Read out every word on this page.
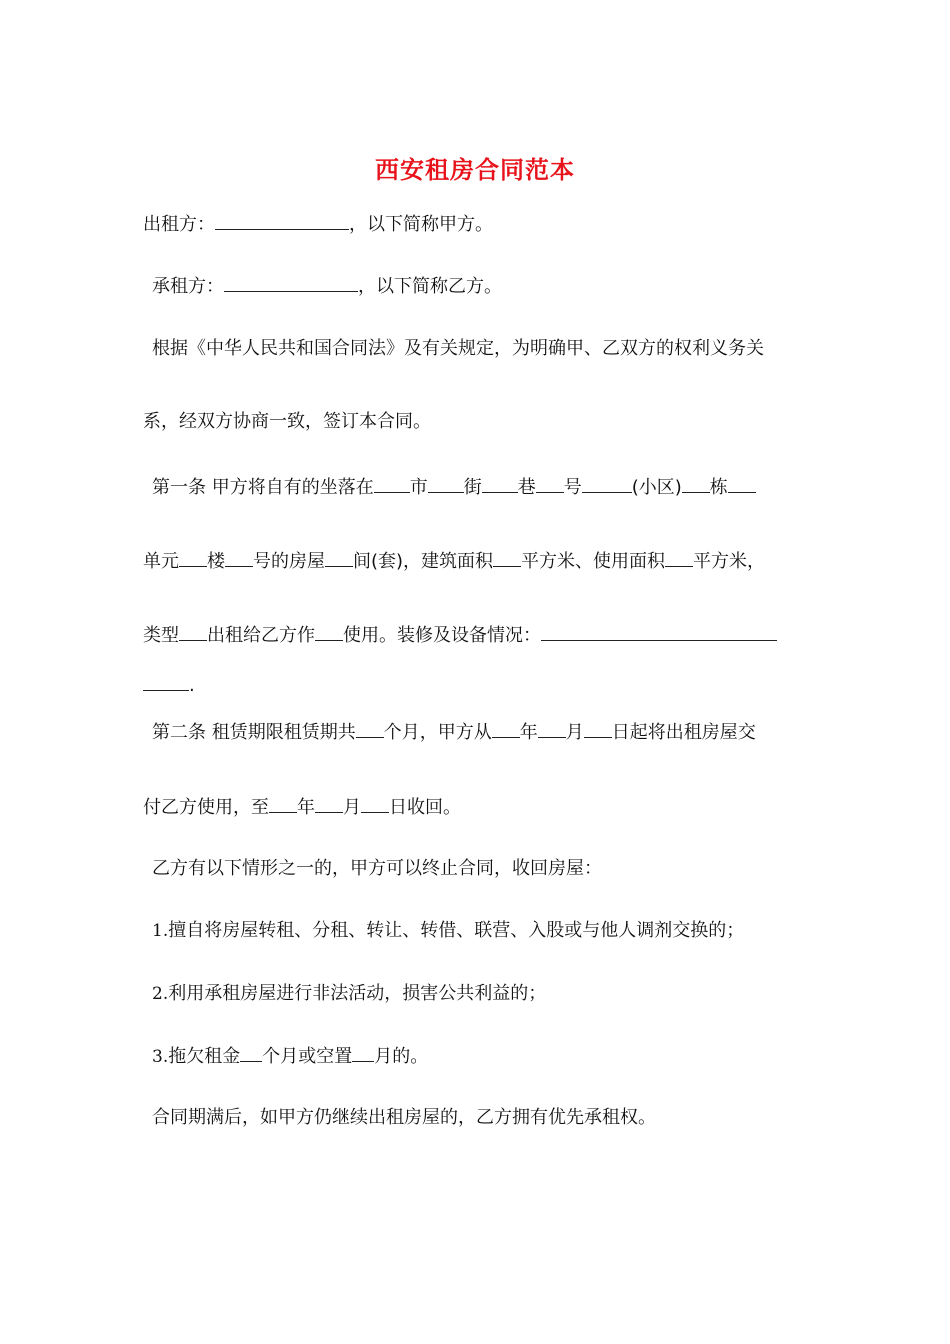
西安租房合同范本
出租方：	，以下简称甲方。
承租方：	，以下简称乙方。
根据《中华人民共和国合同法》及有关规定，为明确甲、乙双方的权利义务关
系，经双方协商一致，签订本合同。
第一条 甲方将自有的坐落在 市 街 巷 号	(小区) 栋
单元 楼 号的房屋 间(套)，建筑面积 平方米、使用面积 平方米，
类型 出租给乙方作 使用。装修及设备情况：
.
第二条 租赁期限租赁期共 个月，甲方从 年 月 日起将出租房屋交
付乙方使用，至 年 月 日收回。
乙方有以下情形之一的，甲方可以终止合同，收回房屋：
1.擅自将房屋转租、分租、转让、转借、联营、入股或与他人调剂交换的；
2.利用承租房屋进行非法活动，损害公共利益的；
3.拖欠租金 个月或空置 月的。
合同期满后，如甲方仍继续出租房屋的，乙方拥有优先承租权。
